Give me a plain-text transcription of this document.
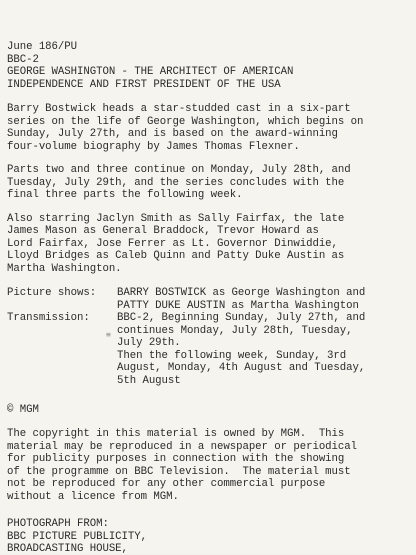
June 186/PU
BBC-2
GEORGE WASHINGTON - THE ARCHITECT OF AMERICAN
INDEPENDENCE AND FIRST PRESIDENT OF THE USA
Barry Bostwick heads a star-studded cast in a six-part
series on the life of George Washington, which begins on
Sunday, July 27th, and is based on the award-winning
four-volume biography by James Thomas Flexner.
Parts two and three continue on Monday, July 28th, and
Tuesday, July 29th, and the series concludes with the
final three parts the following week.
Also starring Jaclyn Smith as Sally Fairfax, the late
James Mason as General Braddock, Trevor Howard as
Lord Fairfax, Jose Ferrer as Lt. Governor Dinwiddie,
Lloyd Bridges as Caleb Quinn and Patty Duke Austin as
Martha Washington.
Picture shows: BARRY BOSTWICK as George Washington and
PATTY DUKE AUSTIN as Martha Washington
Transmission:	BBC-2, Beginning Sunday, July 27th, and
continues Monday, July 28th, Tuesday,
July 29th.
Then the following week, Sunday, 3rd
August, Monday, 4th August and Tuesday,
5th August
≡
© MGM
The copyright in this material is owned by MGM.  This
material may be reproduced in a newspaper or periodical
for publicity purposes in connection with the showing
of the programme on BBC Television.  The material must
not be reproduced for any other commercial purpose
without a licence from MGM.
PHOTOGRAPH FROM:
BBC PICTURE PUBLICITY,
BROADCASTING HOUSE,
